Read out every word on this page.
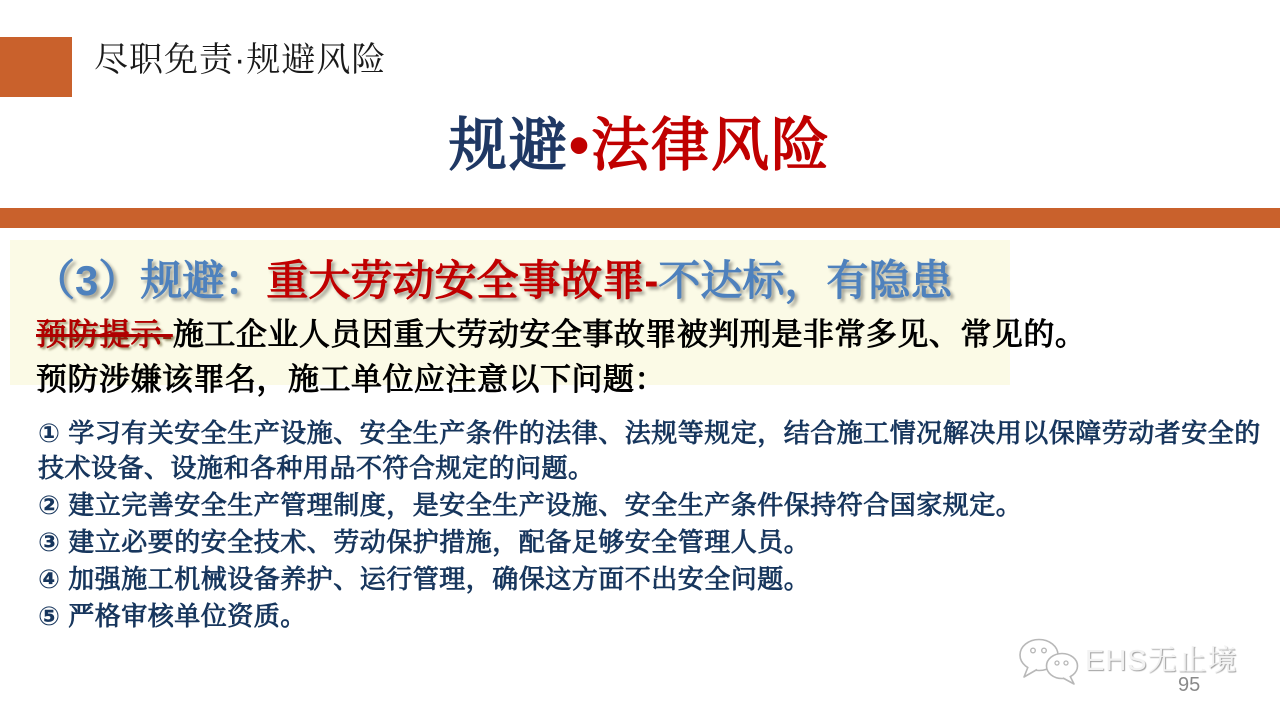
尽职免责·规避风险
规避•法律风险
（3）规避：重大劳动安全事故罪-不达标，有隐患
预防提示-施工企业人员因重大劳动安全事故罪被判刑是非常多见、常见的。
预防涉嫌该罪名，施工单位应注意以下问题：
① 学习有关安全生产设施、安全生产条件的法律、法规等规定，结合施工情况解决用以保障劳动者安全的技术设备、设施和各种用品不符合规定的问题。
② 建立完善安全生产管理制度，是安全生产设施、安全生产条件保持符合国家规定。
③ 建立必要的安全技术、劳动保护措施，配备足够安全管理人员。
④ 加强施工机械设备养护、运行管理，确保这方面不出安全问题。
⑤ 严格审核单位资质。
EHS无止境
95
